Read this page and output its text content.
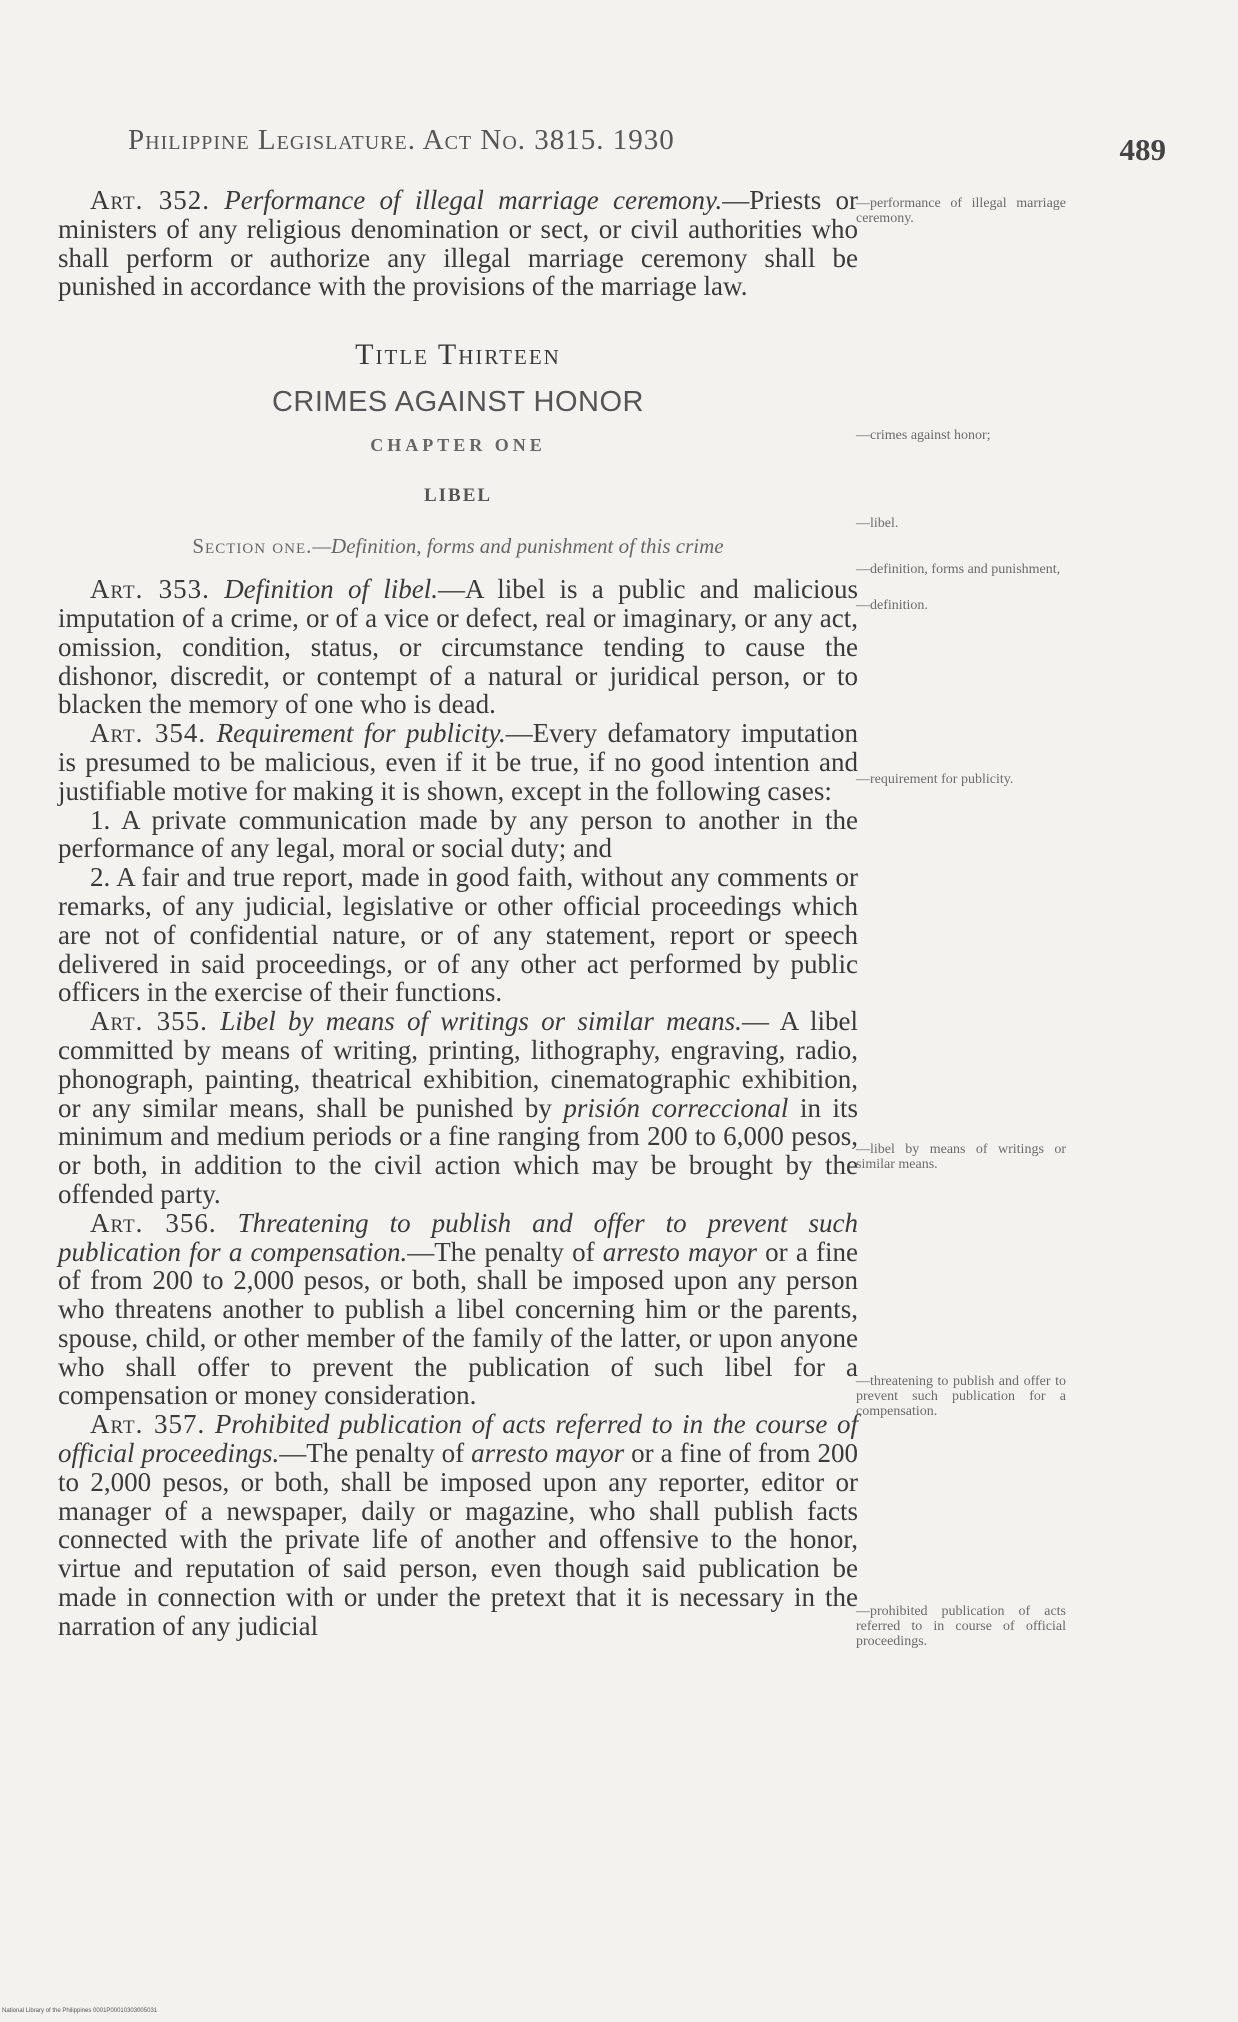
Philippine Legislature. Act No. 3815. 1930	489

Art. 352. Performance of illegal marriage ceremony.—Priests or ministers of any religious denomination or sect, or civil authorities who shall perform or authorize any illegal marriage ceremony shall be punished in accordance with the provisions of the marriage law.

Title Thirteen

CRIMES AGAINST HONOR

CHAPTER ONE

LIBEL

Section one.—Definition, forms and punishment of this crime

Art. 353. Definition of libel.—A libel is a public and malicious imputation of a crime, or of a vice or defect, real or imaginary, or any act, omission, condition, status, or circumstance tending to cause the dishonor, discredit, or contempt of a natural or juridical person, or to blacken the memory of one who is dead.

Art. 354. Requirement for publicity.—Every defamatory imputation is presumed to be malicious, even if it be true, if no good intention and justifiable motive for making it is shown, except in the following cases:

1. A private communication made by any person to another in the performance of any legal, moral or social duty; and

2. A fair and true report, made in good faith, without any comments or remarks, of any judicial, legislative or other official proceedings which are not of confidential nature, or of any statement, report or speech delivered in said proceedings, or of any other act performed by public officers in the exercise of their functions.

Art. 355. Libel by means of writings or similar means.— A libel committed by means of writing, printing, lithography, engraving, radio, phonograph, painting, theatrical exhibition, cinematographic exhibition, or any similar means, shall be punished by prisión correccional in its minimum and medium periods or a fine ranging from 200 to 6,000 pesos, or both, in addition to the civil action which may be brought by the offended party.

Art. 356. Threatening to publish and offer to prevent such publication for a compensation.—The penalty of arresto mayor or a fine of from 200 to 2,000 pesos, or both, shall be imposed upon any person who threatens another to publish a libel concerning him or the parents, spouse, child, or other member of the family of the latter, or upon anyone who shall offer to prevent the publication of such libel for a compensation or money consideration.

Art. 357. Prohibited publication of acts referred to in the course of official proceedings.—The penalty of arresto mayor or a fine of from 200 to 2,000 pesos, or both, shall be imposed upon any reporter, editor or manager of a newspaper, daily or magazine, who shall publish facts connected with the private life of another and offensive to the honor, virtue and reputation of said person, even though said publication be made in connection with or under the pretext that it is necessary in the narration of any judicial

—performance of illegal marriage ceremony.
—crimes against honor;
—libel.
—definition, forms and punishment,
—definition.
—requirement for publicity.
—libel by means of writings or similar means.
—threatening to publish and offer to prevent such publication for a compensation.
—prohibited publication of acts referred to in course of official proceedings.
National Library of the Philippines 0001P00010303005031
